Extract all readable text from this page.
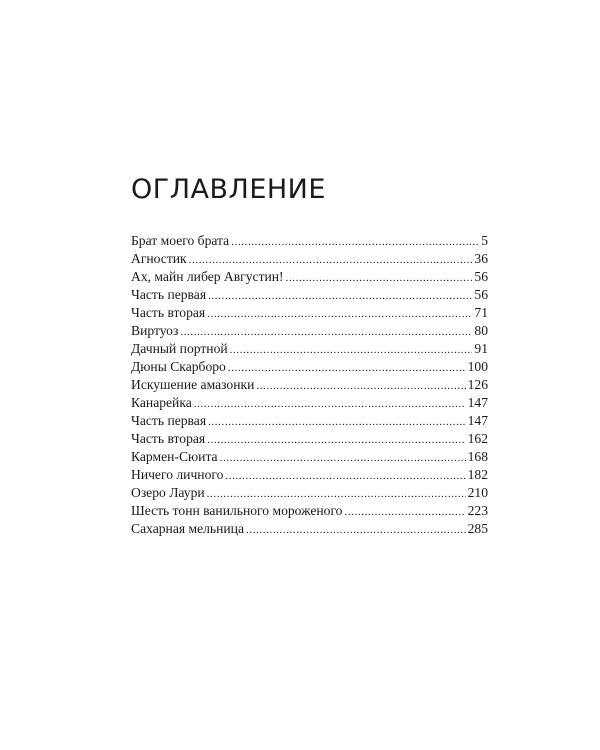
ОГЛАВЛЕНИЕ
Брат моего брата .....	5
Агностик .....	36
Ах, майн либер Августин! .....	56
Часть первая .....	56
Часть вторая .....	71
Виртуоз .....	80
Дачный портной .....	91
Дюны Скарборо .....	100
Искушение амазонки .....	126
Канарейка .....	147
Часть первая .....	147
Часть вторая .....	162
Кармен-Сюита .....	168
Ничего личного .....	182
Озеро Лаури .....	210
Шесть тонн ванильного мороженого .....	223
Сахарная мельница .....	285
